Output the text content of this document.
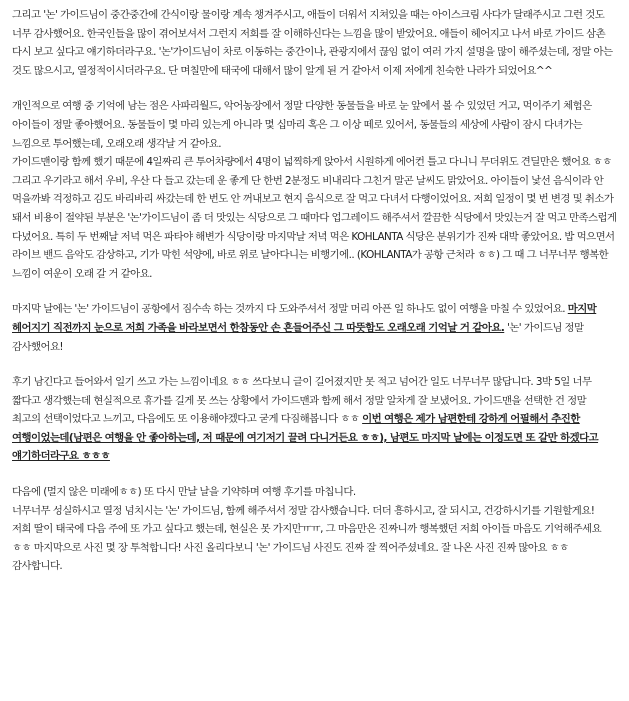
그리고 '논' 가이드님이 중간중간에 간식이랑 물이랑 계속 챙겨주시고, 애들이 더워서 지쳐있을 때는 아이스크림 사다가 달래주시고 그런 것도 너무 감사했어요. 한국인들을 많이 겪어보셔서 그런지 저희를 잘 이해하신다는 느낌을 많이 받았어요. 애들이 헤어지고 나서 바로 가이드 삼촌 다시 보고 싶다고 얘기하더라구요. '논'가이드님이 차로 이동하는 중간이나, 관광지에서 끊임 없이 여러 가지 설명을 많이 해주셨는데, 정말 아는 것도 많으시고, 열정적이시더라구요. 단 며칠만에 태국에 대해서 많이 알게 된 거 같아서 이제 저에게 친숙한 나라가 되었어요^^

개인적으로 여행 중 기억에 남는 점은 사파리월드, 악어농장에서 정말 다양한 동물들을 바로 눈 앞에서 볼 수 있었던 거고, 먹이주기 체험은 아이들이 정말 좋아했어요. 동물들이 몇 마리 있는게 아니라 몇 십마리 혹은 그 이상 떼로 있어서, 동물들의 세상에 사람이 잠시 다녀가는 느낌으로 투어했는데, 오래오래 생각날 거 같아요.

가이드맨이랑 함께 했기 때문에 4일짜리 큰 투어차량에서 4명이 넓찍하게 앉아서 시원하게 에어컨 틀고 다니니 무더위도 견딜만은 했어요 ㅎㅎ 그리고 우기라고 해서 우비, 우산 다 들고 갔는데 운 좋게 단 한번 2분정도 비내리다 그친거 말곤 날씨도 맑았어요. 아이들이 낯선 음식이라 안 먹을까봐 걱정하고 김도 바리바리 싸갔는데 한 번도 안 꺼내보고 현지 음식으로 잘 먹고 다녀서 다행이었어요. 저희 일정이 몇 번 변경 및 취소가 돼서 비용이 절약된 부분은 '논'가이드님이 좀 더 맛있는 식당으로 그 때마다 업그레이드 해주셔서 깔끔한 식당에서 맛있는거 잘 먹고 만족스럽게 다녔어요. 특히 두 번째날 저녁 먹은 파타야 해변가 식당이랑 마지막날 저녁 먹은 KOHLANTA 식당은 분위기가 진짜 대박 좋았어요. 밥 먹으면서 라이브 밴드 음악도 감상하고, 기가 막힌 석양에, 바로 위로 날아다니는 비행기에.. (KOHLANTA가 공항 근처라 ㅎㅎ) 그 때 그 너무너무 행복한 느낌이 여운이 오래 갈 거 같아요.

마지막 날에는 '논' 가이드님이 공항에서 짐수속 하는 것까지 다 도와주셔서 정말 머리 아픈 일 하나도 없이 여행을 마칠 수 있었어요. 마지막 헤어지기 직전까지 눈으로 저희 가족을 바라보면서 한참동안 손 흔들어주신 그 따뜻함도 오래오래 기억날 거 같아요. '논' 가이드님 정말 감사했어요!

후기 남긴다고 들어와서 일기 쓰고 가는 느낌이네요 ㅎㅎ 쓰다보니 글이 길어졌지만 못 적고 넘어간 일도 너무너무 많답니다. 3박 5일 너무 짧다고 생각했는데 현실적으로 휴가를 길게 못 쓰는 상황에서 가이드맨과 함께 해서 정말 알차게 잘 보냈어요. 가이드맨을 선택한 건 정말 최고의 선택이었다고 느끼고, 다음에도 또 이용해야겠다고 굳게 다짐해봅니다 ㅎㅎ 이번 여행은 제가 남편한테 강하게 어필해서 추진한 여행이었는데(남편은 여행을 안 좋아하는데, 저 때문에 여기저기 끌려 다니거든요 ㅎㅎ), 남편도 마지막 날에는 이정도면 또 갈만 하겠다고 얘기하더라구요 ㅎㅎㅎ

다음에 (멀지 않은 미래에ㅎㅎ) 또 다시 만날 날을 기약하며 여행 후기를 마칩니다.

너무너무 성실하시고 열정 넘치시는 '논' 가이드님, 함께 해주셔서 정말 감사했습니다. 더더 흥하시고, 잘 되시고, 건강하시기를 기원할게요!

저희 딸이 태국에 다음 주에 또 가고 싶다고 했는데, 현실은 못 가지만ㅠㅠ, 그 마음만은 진짜니까 행복했던 저희 아이들 마음도 기억해주세요 ㅎㅎ 마지막으로 사진 몇 장 투척합니다! 사진 올리다보니 '논' 가이드님 사진도 진짜 잘 찍어주셨네요. 잘 나온 사진 진짜 많아요 ㅎㅎ 감사합니다.
